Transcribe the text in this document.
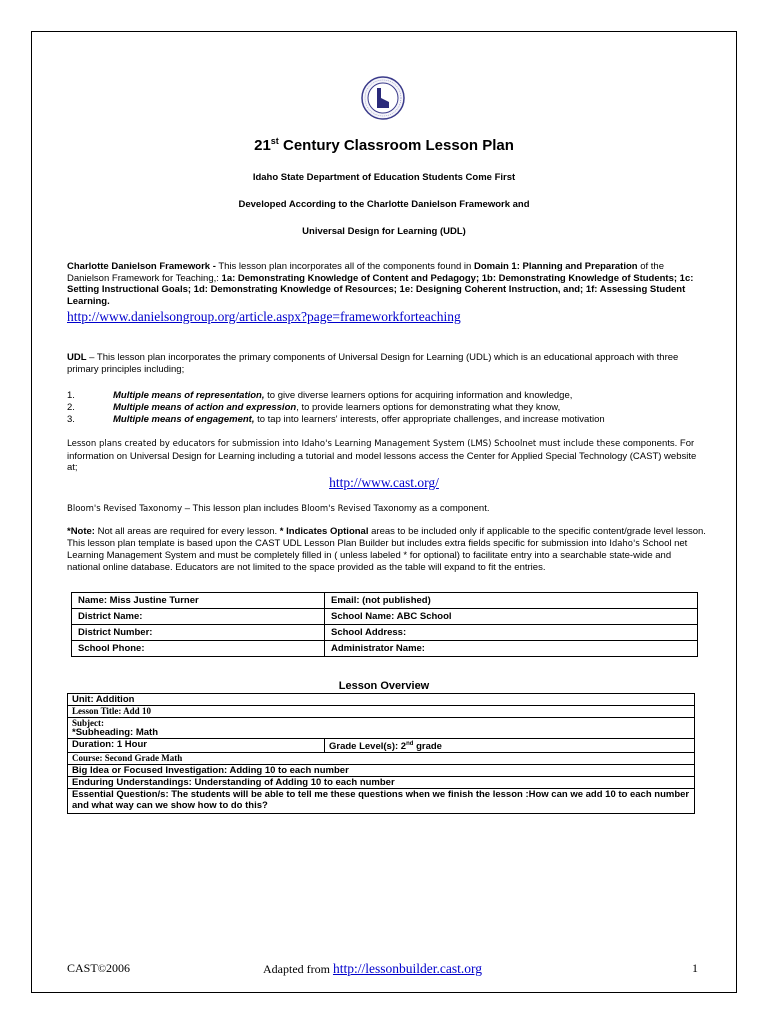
21st Century Classroom Lesson Plan
Idaho State Department of Education Students Come First
Developed According to the Charlotte Danielson Framework and
Universal Design for Learning (UDL)
Charlotte Danielson Framework - This lesson plan incorporates all of the components found in Domain 1: Planning and Preparation of the Danielson Framework for Teaching,: 1a: Demonstrating Knowledge of Content and Pedagogy; 1b: Demonstrating Knowledge of Students; 1c: Setting Instructional Goals; 1d: Demonstrating Knowledge of Resources; 1e: Designing Coherent Instruction, and; 1f: Assessing Student Learning.
http://www.danielsongroup.org/article.aspx?page=frameworkforteaching
UDL – This lesson plan incorporates the primary components of Universal Design for Learning (UDL) which is an educational approach with three primary principles including;
1.	Multiple means of representation, to give diverse learners options for acquiring information and knowledge,
2.	Multiple means of action and expression, to provide learners options for demonstrating what they know,
3.	Multiple means of engagement, to tap into learners' interests, offer appropriate challenges, and increase motivation
Lesson plans created by educators for submission into Idaho's Learning Management System (LMS) Schoolnet must include these components. For information on Universal Design for Learning including a tutorial and model lessons access the Center for Applied Special Technology (CAST) website at;
http://www.cast.org/
Bloom's Revised Taxonomy – This lesson plan includes Bloom's Revised Taxonomy as a component.
*Note: Not all areas are required for every lesson. * Indicates Optional areas to be included only if applicable to the specific content/grade level lesson. This lesson plan template is based upon the CAST UDL Lesson Plan Builder but includes extra fields specific for submission into Idaho's School net Learning Management System and must be completely filled in ( unless labeled * for optional) to facilitate entry into a searchable state-wide and national online database. Educators are not limited to the space provided as the table will expand to fit the entries.
Name: Miss Justine Turner	Email: (not published)
District Name:	School Name: ABC School
District Number:	School Address:
School Phone:	Administrator Name:
Lesson Overview
Unit: Addition
Lesson Title: Add 10
Subject:
*Subheading: Math
Duration: 1 Hour	Grade Level(s): 2nd grade
Course: Second Grade Math
Big Idea or Focused Investigation: Adding 10 to each number
Enduring Understandings: Understanding of Adding 10 to each number
Essential Question/s: The students will be able to tell me these questions when we finish the lesson :How can we add 10 to each number and what way can we show how to do this?
CAST©2006	Adapted from http://lessonbuilder.cast.org	1
